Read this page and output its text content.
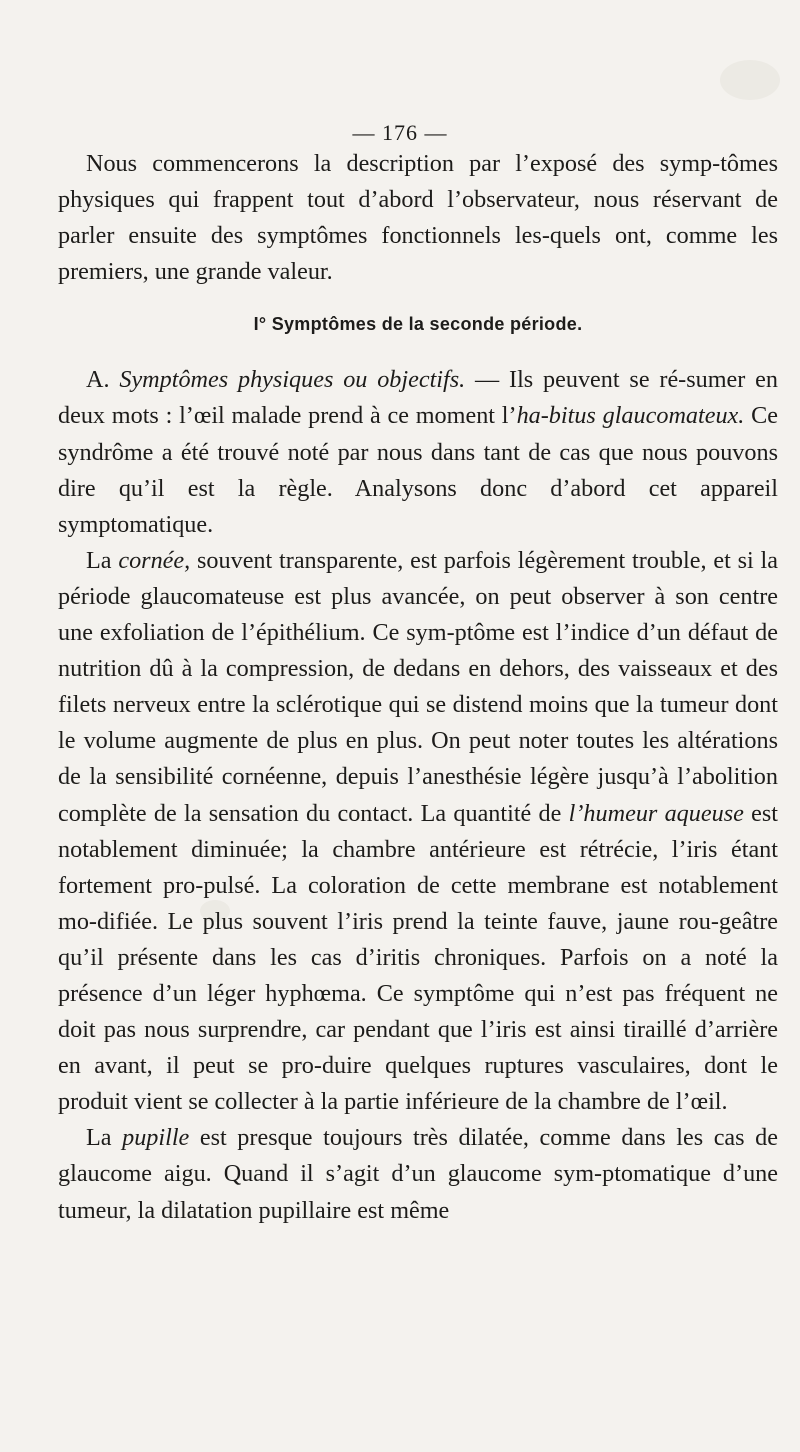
— 176 —

Nous commencerons la description par l’exposé des symp-tômes physiques qui frappent tout d’abord l’observateur, nous réservant de parler ensuite des symptômes fonctionnels les-quels ont, comme les premiers, une grande valeur.

I° Symptômes de la seconde période.

A. Symptômes physiques ou objectifs. — Ils peuvent se ré-sumer en deux mots : l’œil malade prend à ce moment l’ha-bitus glaucomateux. Ce syndrôme a été trouvé noté par nous dans tant de cas que nous pouvons dire qu’il est la règle. Analysons donc d’abord cet appareil symptomatique.

La cornée, souvent transparente, est parfois légèrement trouble, et si la période glaucomateuse est plus avancée, on peut observer à son centre une exfoliation de l’épithélium. Ce sym-ptôme est l’indice d’un défaut de nutrition dû à la compression, de dedans en dehors, des vaisseaux et des filets nerveux entre la sclérotique qui se distend moins que la tumeur dont le volume augmente de plus en plus. On peut noter toutes les altérations de la sensibilité cornéenne, depuis l’anesthésie légère jusqu’à l’abolition complète de la sensation du contact. La quantité de l’humeur aqueuse est notablement diminuée; la chambre antérieure est rétrécie, l’iris étant fortement pro-pulsé. La coloration de cette membrane est notablement mo-difiée. Le plus souvent l’iris prend la teinte fauve, jaune rou-geâtre qu’il présente dans les cas d’iritis chroniques. Parfois on a noté la présence d’un léger hyphœma. Ce symptôme qui n’est pas fréquent ne doit pas nous surprendre, car pendant que l’iris est ainsi tiraillé d’arrière en avant, il peut se pro-duire quelques ruptures vasculaires, dont le produit vient se collecter à la partie inférieure de la chambre de l’œil.

La pupille est presque toujours très dilatée, comme dans les cas de glaucome aigu. Quand il s’agit d’un glaucome sym-ptomatique d’une tumeur, la dilatation pupillaire est même
